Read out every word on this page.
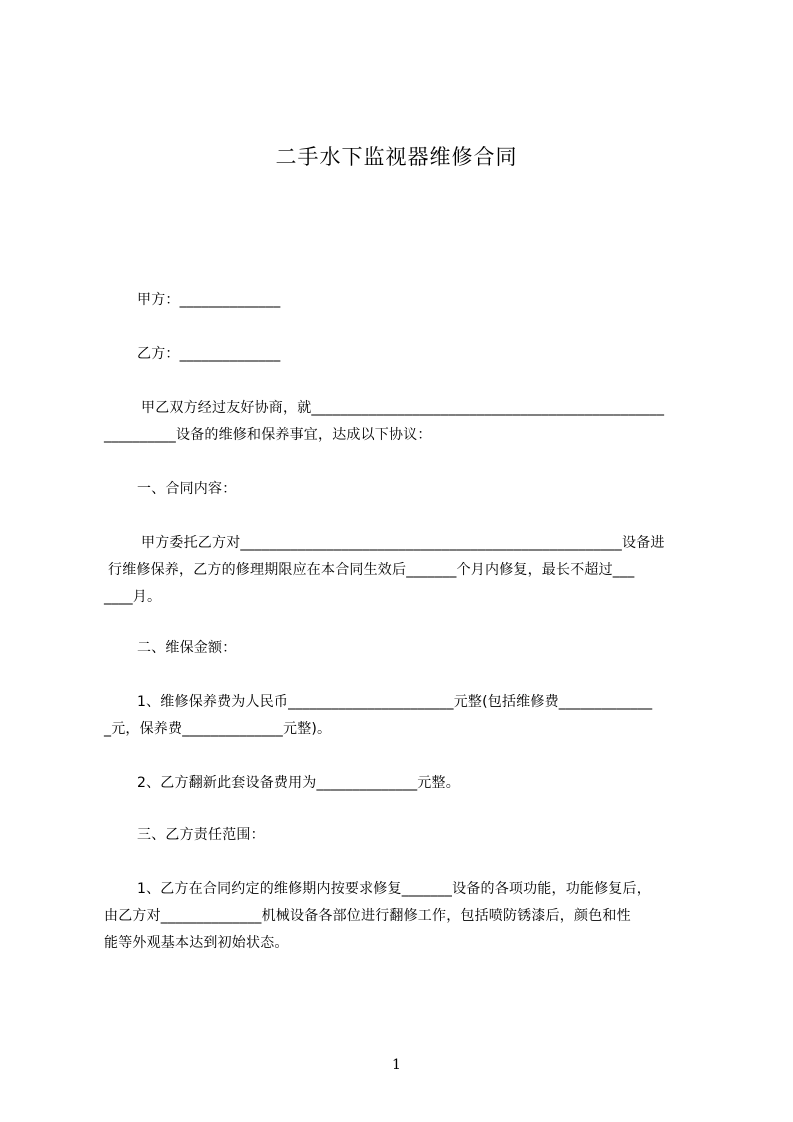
二手水下监视器维修合同
甲方：______________
乙方：______________
甲乙双方经过友好协商，就_________________________________________________
__________设备的维修和保养事宜，达成以下协议：
一、合同内容：
甲方委托乙方对_____________________________________________________设备进
行维修保养，乙方的修理期限应在本合同生效后_______个月内修复，最长不超过___
____月。
二、维保金额：
1、维修保养费为人民币_______________________元整(包括维修费_____________
_元，保养费______________元整)。
2、乙方翻新此套设备费用为______________元整。
三、乙方责任范围：
1、乙方在合同约定的维修期内按要求修复_______设备的各项功能，功能修复后，
由乙方对______________机械设备各部位进行翻修工作，包括喷防锈漆后，颜色和性
能等外观基本达到初始状态。
1
